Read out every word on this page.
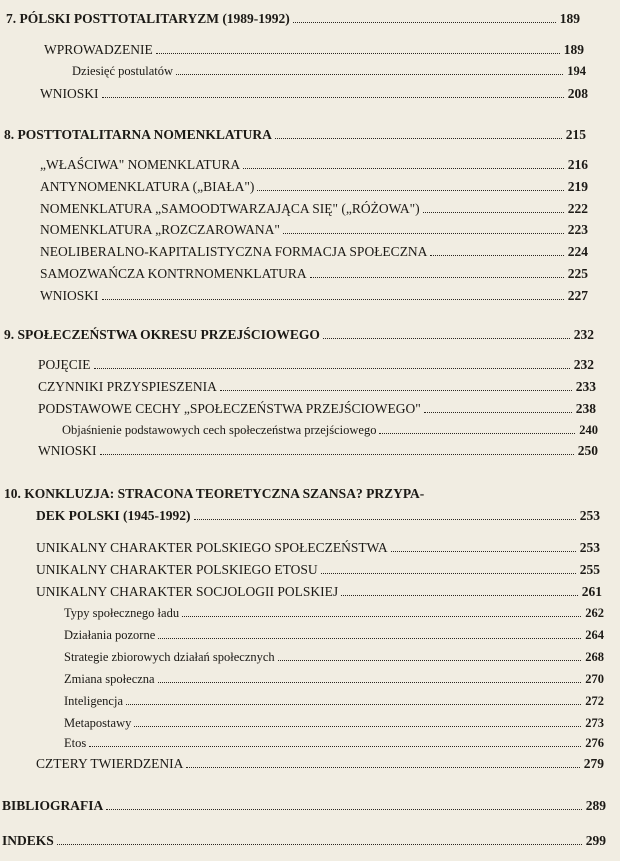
7. PÓLSKI POSTTOTALITARYZM (1989-1992)	189
WPROWADZENIE	189
Dziesięć postulatów	194
WNIOSKI	208
8. POSTTOTALITARNA NOMENKLATURA	215
„WŁAŚCIWA" NOMENKLATURA	216
ANTYNOMENKLATURA („BIAŁA")	219
NOMENKLATURA „SAMOODTWARZAJĄCA SIĘ" („RÓŻOWA")	222
NOMENKLATURA „ROZCZAROWANA"	223
NEOLIBERALNO-KAPITALISTYCZNA FORMACJA SPOŁECZNA	224
SAMOZWAŃCZA KONTRNOMENKLATURA	225
WNIOSKI	227
9. SPOŁECZEŃSTWA OKRESU PRZEJŚCIOWEGO	232
POJĘCIE	232
CZYNNIKI PRZYSPIESZENIA	233
PODSTAWOWE CECHY „SPOŁECZEŃSTWA PRZEJŚCIOWEGO"	238
Objaśnienie podstawowych cech społeczeństwa przejściowego	240
WNIOSKI	250
10. KONKLUZJA: STRACONA TEORETYCZNA SZANSA? PRZYPA-
DEK POLSKI (1945-1992)	253
UNIKALNY CHARAKTER POLSKIEGO SPOŁECZEŃSTWA	253
UNIKALNY CHARAKTER POLSKIEGO ETOSU	255
UNIKALNY CHARAKTER SOCJOLOGII POLSKIEJ	261
Typy społecznego ładu	262
Działania pozorne	264
Strategie zbiorowych działań społecznych	268
Zmiana społeczna	270
Inteligencja	272
Metapostawy	273
Etos	276
CZTERY TWIERDZENIA	279
BIBLIOGRAFIA	289
INDEKS	299
